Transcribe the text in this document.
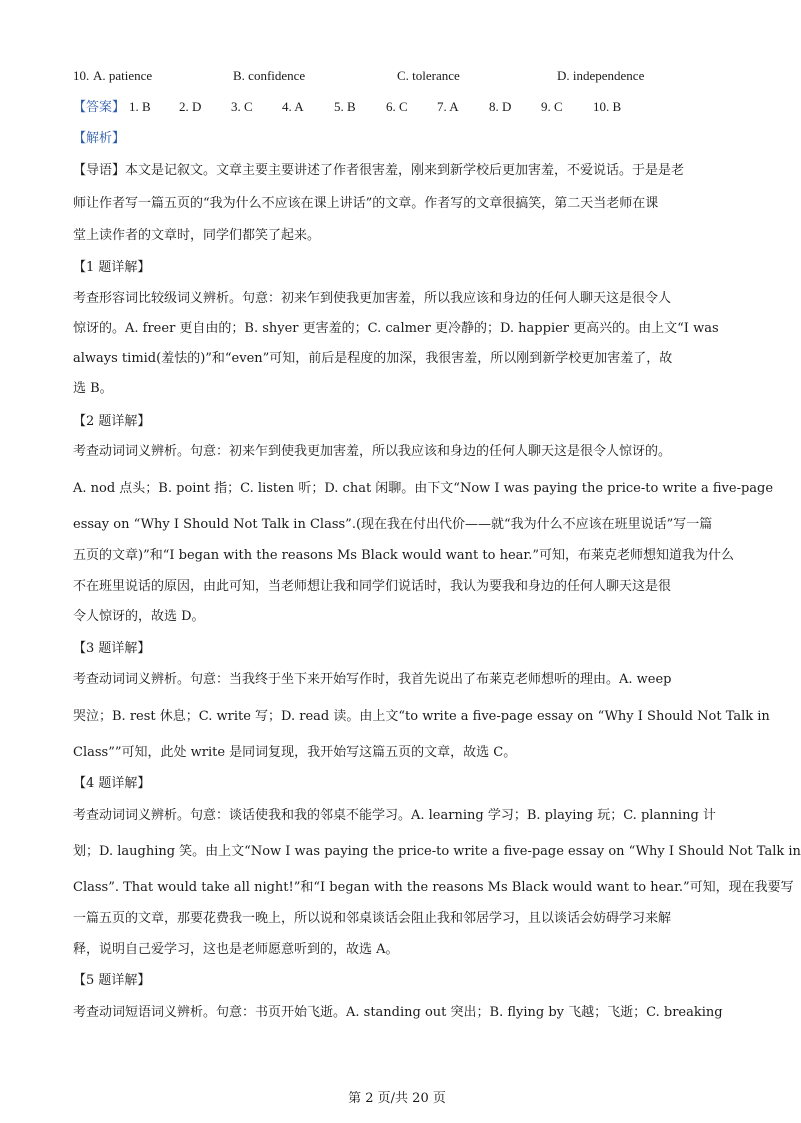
10. A. patience	B. confidence	C. tolerance	D. independence
【答案】 1. B 2. D 3. C 4. A 5. B 6. C 7. A 8. D 9. C 10. B
【解析】
【导语】本文是记叙文。文章主要主要讲述了作者很害羞，刚来到新学校后更加害羞，不爱说话。于是是老
师让作者写一篇五页的“我为什么不应该在课上讲话”的文章。作者写的文章很搞笑，第二天当老师在课
堂上读作者的文章时，同学们都笑了起来。
【1 题详解】
考查形容词比较级词义辨析。句意：初来乍到使我更加害羞，所以我应该和身边的任何人聊天这是很令人
惊讶的。A. freer 更自由的；B. shyer 更害羞的；C. calmer 更冷静的；D. happier 更高兴的。由上文“I was
always timid(羞怯的)”和“even”可知，前后是程度的加深，我很害羞，所以刚到新学校更加害羞了，故
选 B。
【2 题详解】
考查动词词义辨析。句意：初来乍到使我更加害羞，所以我应该和身边的任何人聊天这是很令人惊讶的。
A. nod 点头；B. point 指；C. listen 听；D. chat 闲聊。由下文“Now I was paying the price-to write a five-page
essay on “Why I Should Not Talk in Class”.(现在我在付出代价——就“我为什么不应该在班里说话”写一篇
五页的文章)”和“I began with the reasons Ms Black would want to hear.”可知，布莱克老师想知道我为什么
不在班里说话的原因，由此可知，当老师想让我和同学们说话时，我认为要我和身边的任何人聊天这是很
令人惊讶的，故选 D。
【3 题详解】
考查动词词义辨析。句意：当我终于坐下来开始写作时，我首先说出了布莱克老师想听的理由。A. weep
哭泣；B. rest 休息；C. write 写；D. read 读。由上文“to write a five-page essay on “Why I Should Not Talk in
Class””可知，此处 write 是同词复现，我开始写这篇五页的文章，故选 C。
【4 题详解】
考查动词词义辨析。句意：谈话使我和我的邻桌不能学习。A. learning 学习；B. playing 玩；C. planning 计
划；D. laughing 笑。由上文“Now I was paying the price-to write a five-page essay on “Why I Should Not Talk in
Class”. That would take all night!”和“I began with the reasons Ms Black would want to hear.”可知，现在我要写
一篇五页的文章，那要花费我一晚上，所以说和邻桌谈话会阻止我和邻居学习，且以谈话会妨碍学习来解
释，说明自己爱学习，这也是老师愿意听到的，故选 A。
【5 题详解】
考查动词短语词义辨析。句意：书页开始飞逝。A. standing out 突出；B. flying by 飞越；飞逝；C. breaking
第 2 页/共 20 页
